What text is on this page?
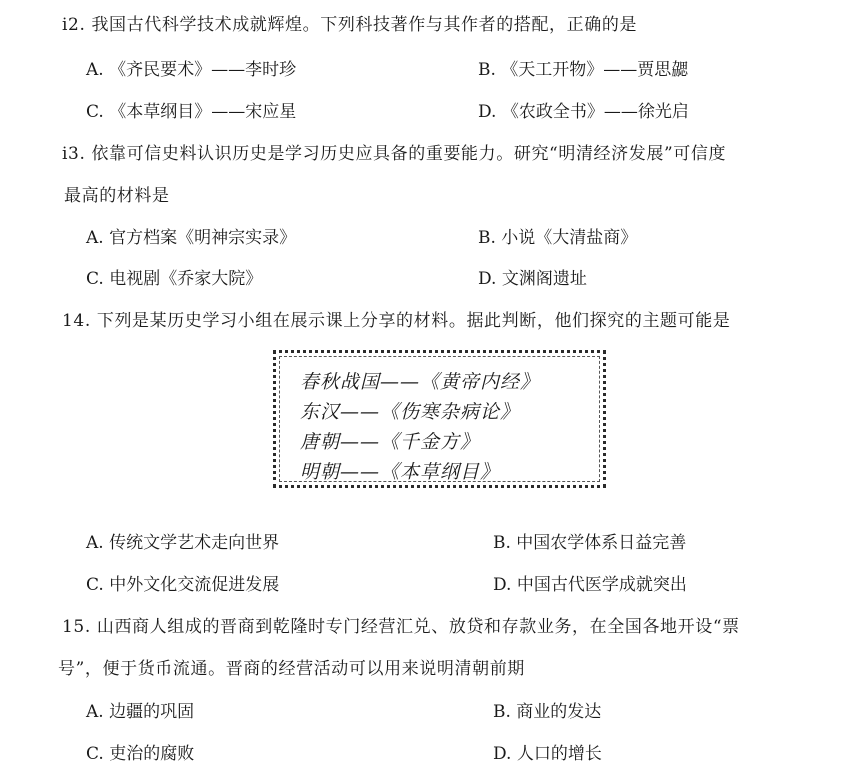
i2. 我国古代科学技术成就辉煌。下列科技著作与其作者的搭配，正确的是
A. 《齐民要术》——李时珍	B. 《天工开物》——贾思勰
C. 《本草纲目》——宋应星	D. 《农政全书》——徐光启
i3. 依靠可信史料认识历史是学习历史应具备的重要能力。研究“明清经济发展”可信度
最高的材料是
A. 官方档案《明神宗实录》	B. 小说《大清盐商》
C. 电视剧《乔家大院》	D. 文渊阁遗址
14. 下列是某历史学习小组在展示课上分享的材料。据此判断，他们探究的主题可能是
春秋战国——《黄帝内经》
东汉——《伤寒杂病论》
唐朝——《千金方》
明朝——《本草纲目》
A. 传统文学艺术走向世界	B. 中国农学体系日益完善
C. 中外文化交流促进发展	D. 中国古代医学成就突出
15. 山西商人组成的晋商到乾隆时专门经营汇兑、放贷和存款业务，在全国各地开设“票
号”，便于货币流通。晋商的经营活动可以用来说明清朝前期
A. 边疆的巩固	B. 商业的发达
C. 吏治的腐败	D. 人口的增长
